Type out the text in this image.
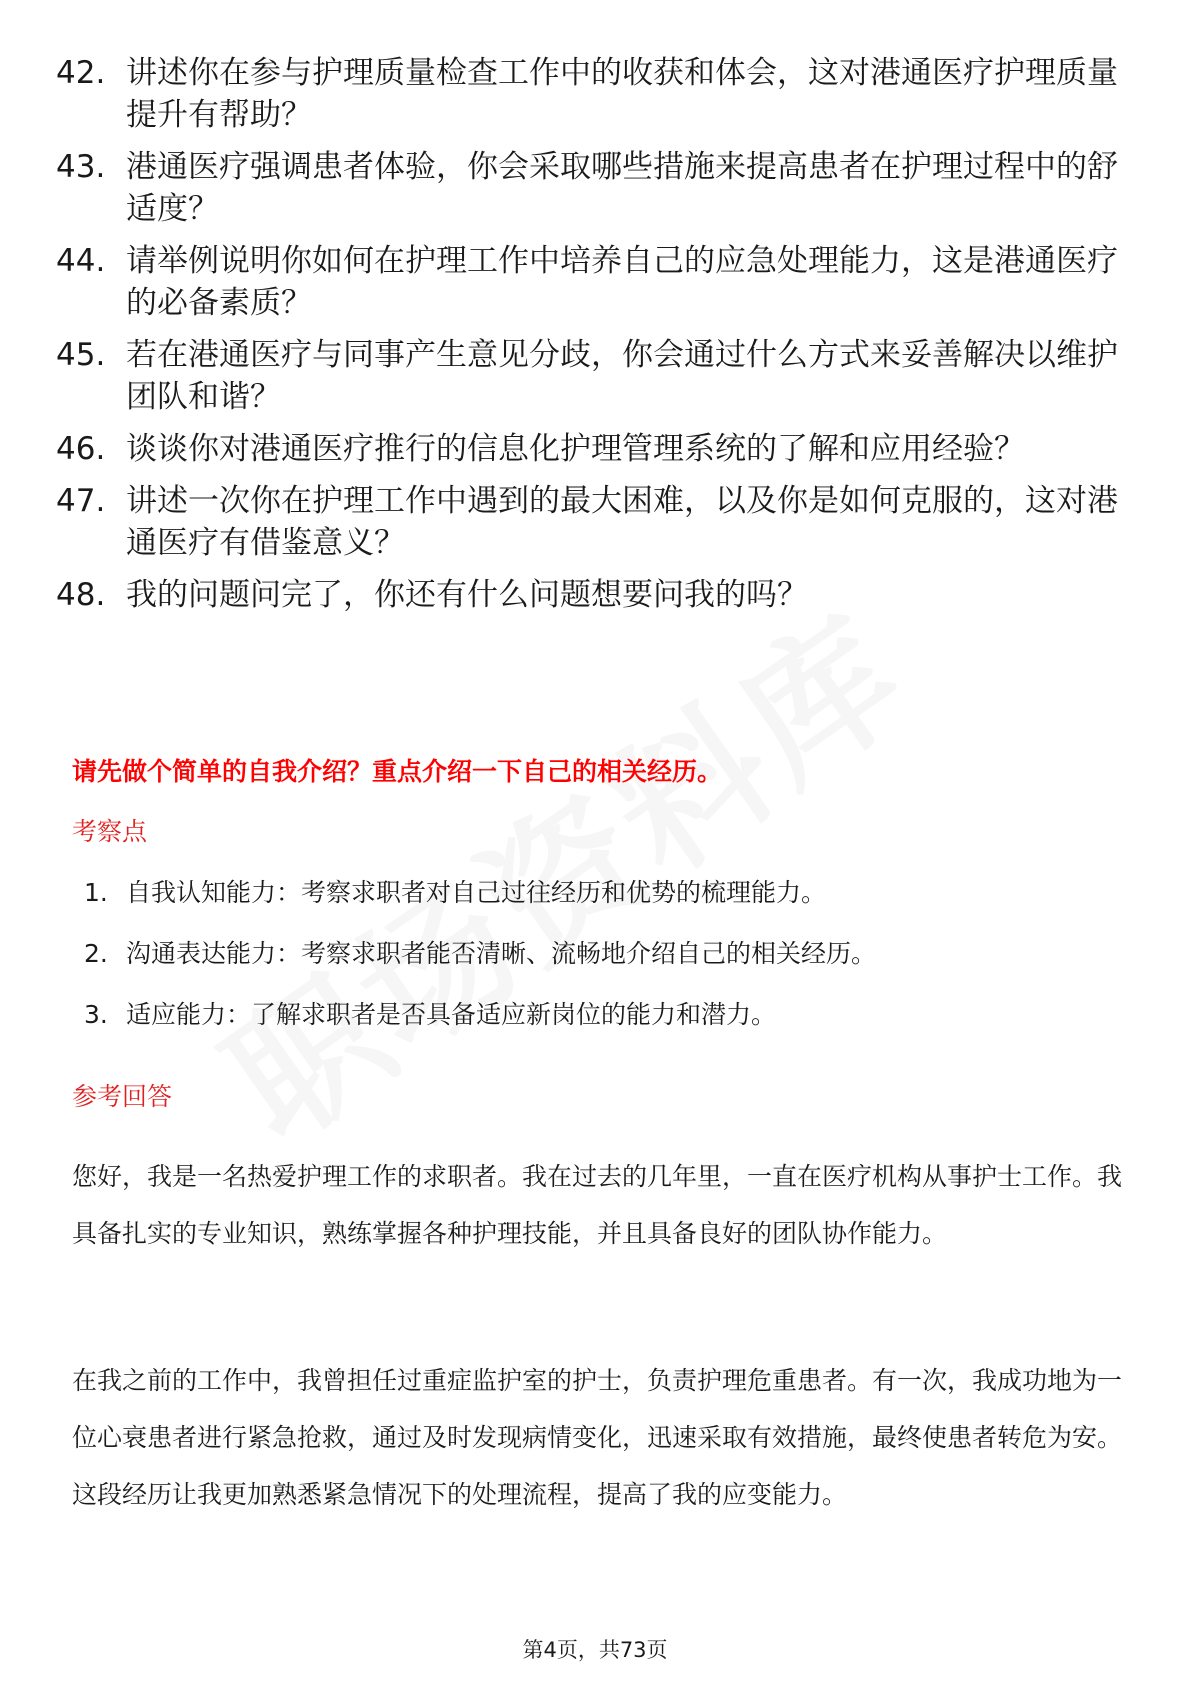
42. 讲述你在参与护理质量检查工作中的收获和体会，这对港通医疗护理质量提升有帮助？
43. 港通医疗强调患者体验，你会采取哪些措施来提高患者在护理过程中的舒适度？
44. 请举例说明你如何在护理工作中培养自己的应急处理能力，这是港通医疗的必备素质？
45. 若在港通医疗与同事产生意见分歧，你会通过什么方式来妥善解决以维护团队和谐？
46. 谈谈你对港通医疗推行的信息化护理管理系统的了解和应用经验？
47. 讲述一次你在护理工作中遇到的最大困难，以及你是如何克服的，这对港通医疗有借鉴意义？
48. 我的问题问完了，你还有什么问题想要问我的吗？
请先做个简单的自我介绍？重点介绍一下自己的相关经历。
考察点
1. 自我认知能力：考察求职者对自己过往经历和优势的梳理能力。
2. 沟通表达能力：考察求职者能否清晰、流畅地介绍自己的相关经历。
3. 适应能力：了解求职者是否具备适应新岗位的能力和潜力。
参考回答

您好，我是一名热爱护理工作的求职者。我在过去的几年里，一直在医疗机构从事护士工作。我具备扎实的专业知识，熟练掌握各种护理技能，并且具备良好的团队协作能力。

在我之前的工作中，我曾担任过重症监护室的护士，负责护理危重患者。有一次，我成功地为一位心衰患者进行紧急抢救，通过及时发现病情变化，迅速采取有效措施，最终使患者转危为安。这段经历让我更加熟悉紧急情况下的处理流程，提高了我的应变能力。

第4页，共73页
